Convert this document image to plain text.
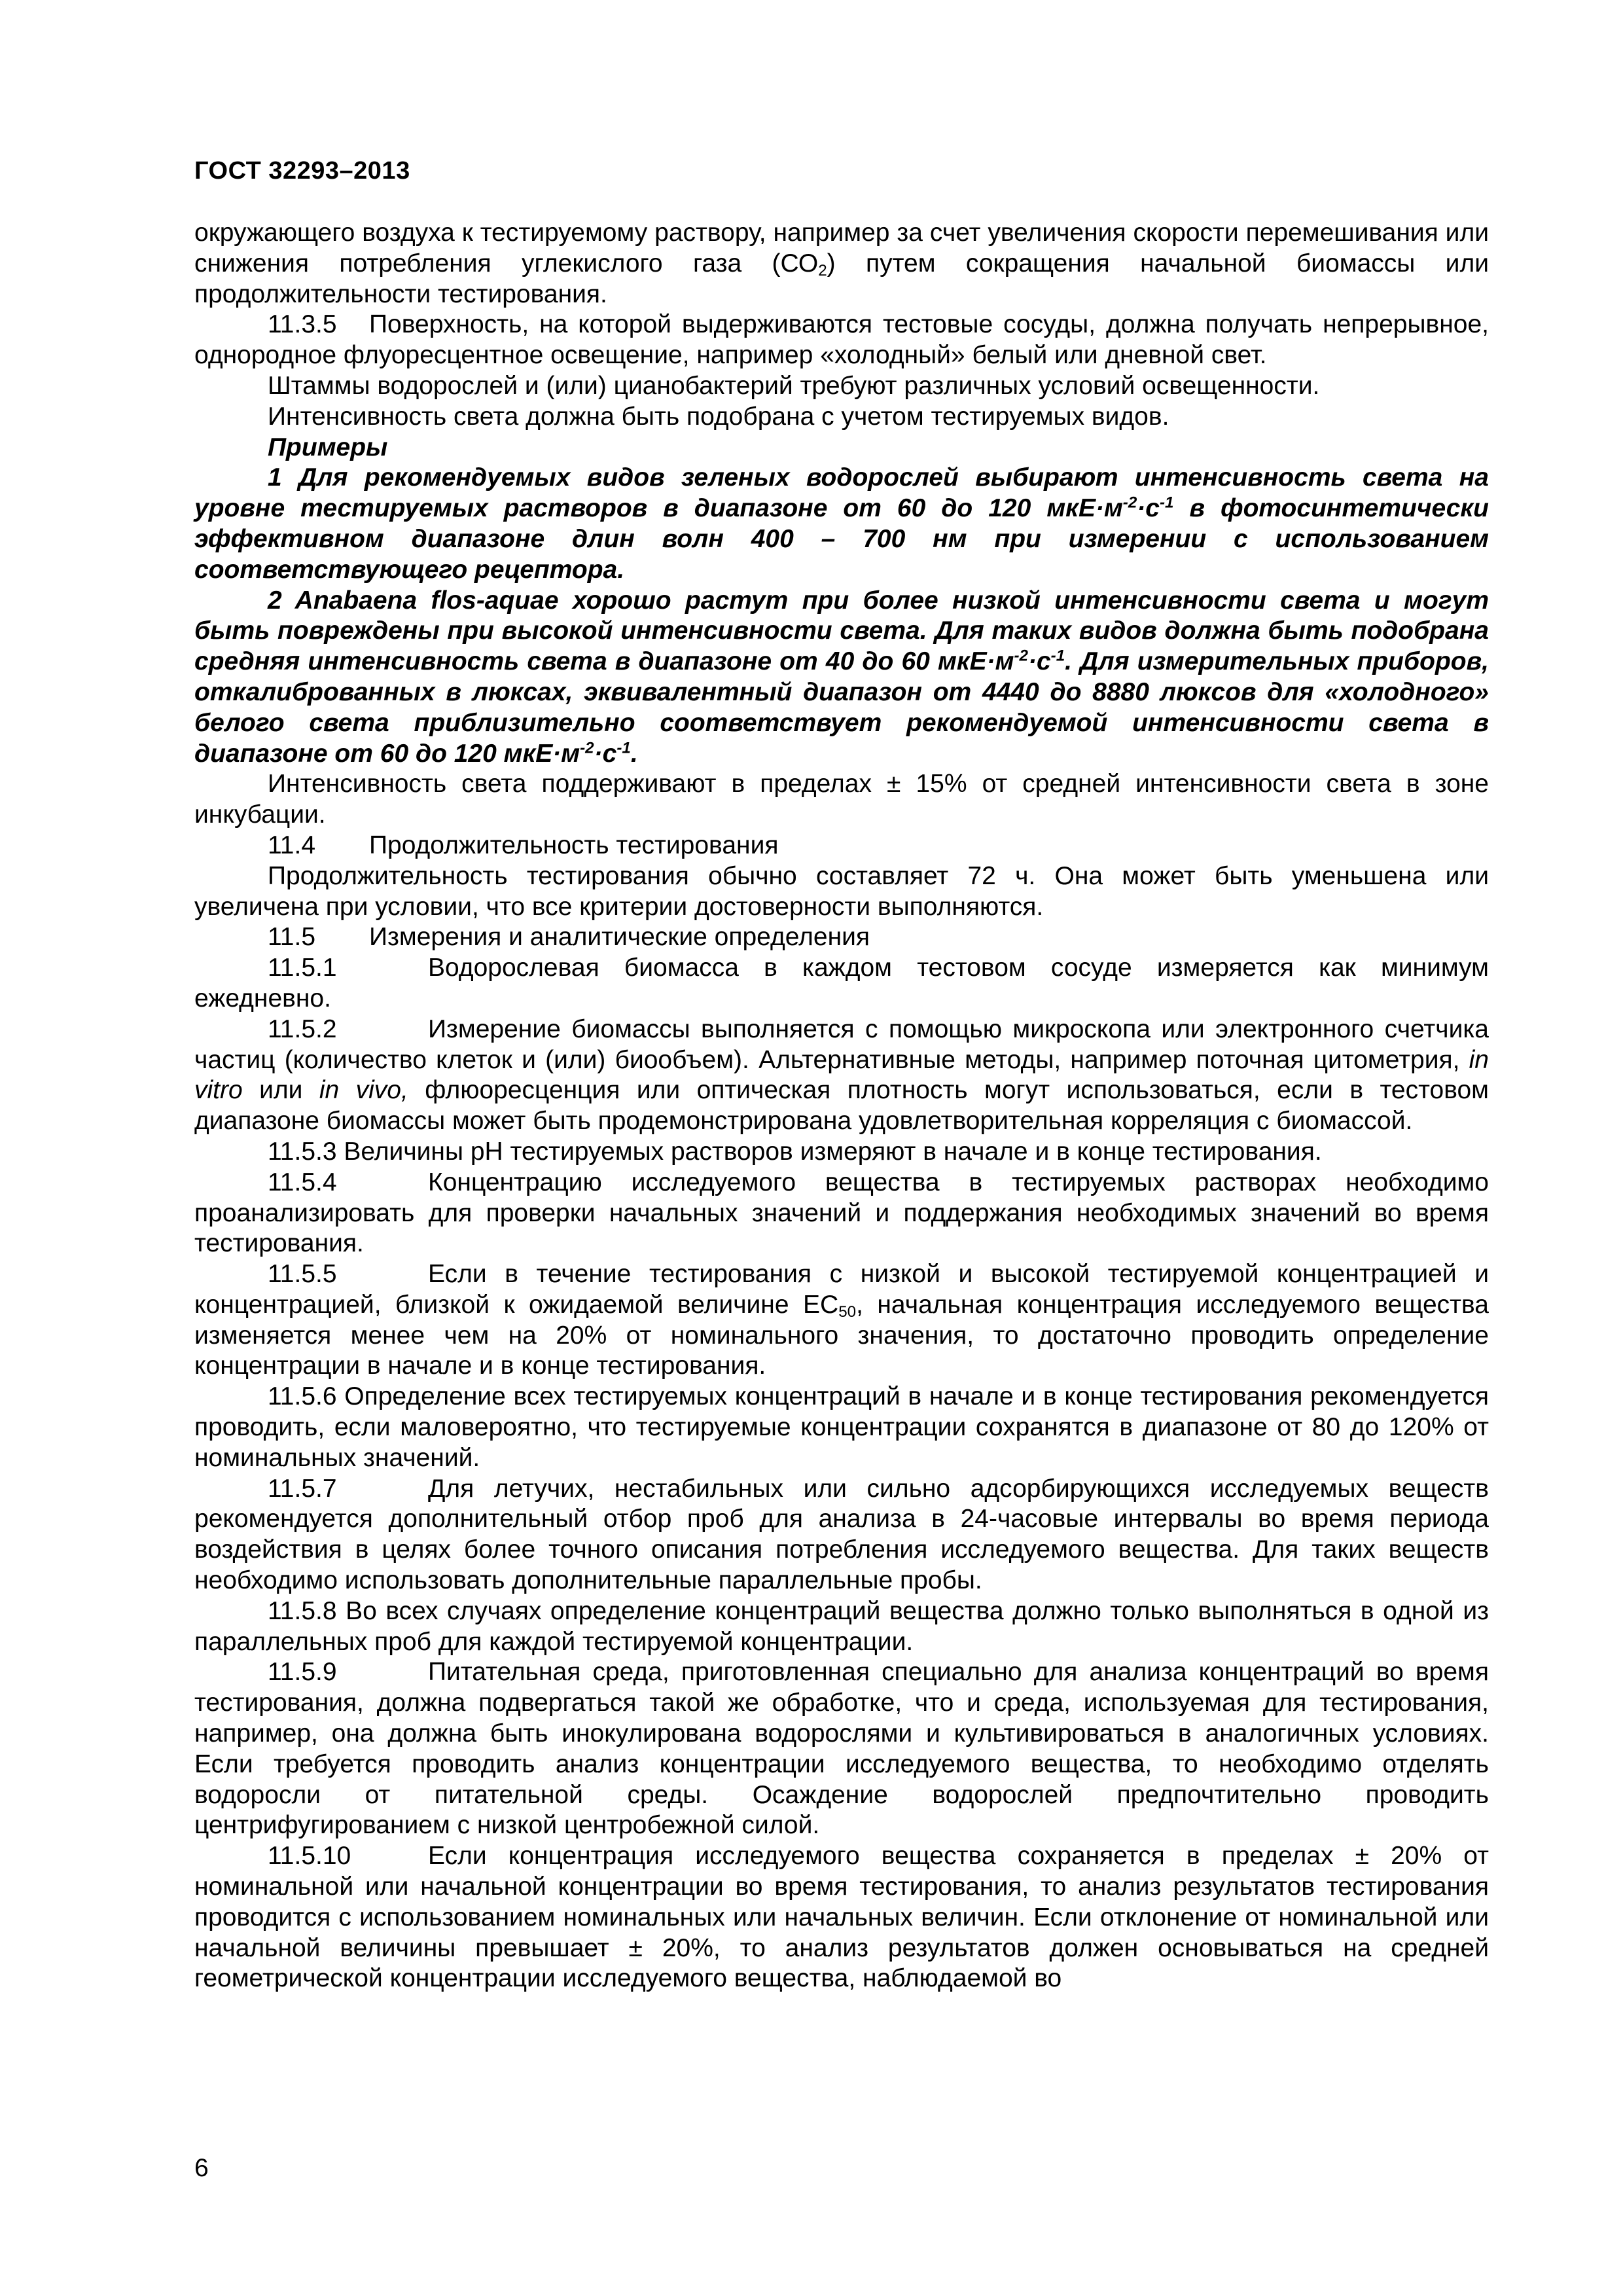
ГОСТ 32293–2013

окружающего воздуха к тестируемому раствору, например за счет увеличения скорости перемешивания или снижения потребления углекислого газа $(СО_2)$ путем сокращения начальной биомассы или продолжительности тестирования.

11.3.5 Поверхность, на которой выдерживаются тестовые сосуды, должна получать непрерывное, однородное флуоресцентное освещение, например «холодный» белый или дневной свет.

Штаммы водорослей и (или) цианобактерий требуют различных условий освещенности.

Интенсивность света должна быть подобрана с учетом тестируемых видов.

Примеры

1 Для рекомендуемых видов зеленых водорослей выбирают интенсивность света на уровне тестируемых растворов в диапазоне от 60 до 120 $мкЕ\cdot м^{-2}\cdot с^{-1}$ в фотосинтетически эффективном диапазоне длин волн 400 – 700 нм при измерении с использованием соответствующего рецептора.

2 Anabaena flos-aquae хорошо растут при более низкой интенсивности света и могут быть повреждены при высокой интенсивности света. Для таких видов должна быть подобрана средняя интенсивность света в диапазоне от 40 до 60 $мкЕ\cdot м^{-2}\cdot с^{-1}$. Для измерительных приборов, откалиброванных в люксах, эквивалентный диапазон от 4440 до 8880 люксов для «холодного» белого света приблизительно соответствует рекомендуемой интенсивности света в диапазоне от 60 до 120 $мкЕ\cdot м^{-2}\cdot с^{-1}$.

Интенсивность света поддерживают в пределах ± 15% от средней интенсивности света в зоне инкубации.

11.4 Продолжительность тестирования

Продолжительность тестирования обычно составляет 72 ч. Она может быть уменьшена или увеличена при условии, что все критерии достоверности выполняются.

11.5 Измерения и аналитические определения

11.5.1	Водорослевая биомасса в каждом тестовом сосуде измеряется как минимум ежедневно.

11.5.2	Измерение биомассы выполняется с помощью микроскопа или электронного счетчика частиц (количество клеток и (или) биообъем). Альтернативные методы, например поточная цитометрия, in vitro или in vivo, флюоресценция или оптическая плотность могут использоваться, если в тестовом диапазоне биомассы может быть продемонстрирована удовлетворительная корреляция с биомассой.

11.5.3 Величины pH тестируемых растворов измеряют в начале и в конце тестирования.

11.5.4	Концентрацию исследуемого вещества в тестируемых растворах необходимо проанализировать для проверки начальных значений и поддержания необходимых значений во время тестирования.

11.5.5	Если в течение тестирования с низкой и высокой тестируемой концентрацией и концентрацией, близкой к ожидаемой величине $ЕС_{50}$, начальная концентрация исследуемого вещества изменяется менее чем на 20% от номинального значения, то достаточно проводить определение концентрации в начале и в конце тестирования.

11.5.6 Определение всех тестируемых концентраций в начале и в конце тестирования рекомендуется проводить, если маловероятно, что тестируемые концентрации сохранятся в диапазоне от 80 до 120% от номинальных значений.

11.5.7	Для летучих, нестабильных или сильно адсорбирующихся исследуемых веществ рекомендуется дополнительный отбор проб для анализа в 24-часовые интервалы во время периода воздействия в целях более точного описания потребления исследуемого вещества. Для таких веществ необходимо использовать дополнительные параллельные пробы.

11.5.8 Во всех случаях определение концентраций вещества должно только выполняться в одной из параллельных проб для каждой тестируемой концентрации.

11.5.9	Питательная среда, приготовленная специально для анализа концентраций во время тестирования, должна подвергаться такой же обработке, что и среда, используемая для тестирования, например, она должна быть инокулирована водорослями и культивироваться в аналогичных условиях. Если требуется проводить анализ концентрации исследуемого вещества, то необходимо отделять водоросли от питательной среды. Осаждение водорослей предпочтительно проводить центрифугированием с низкой центробежной силой.

11.5.10	Если концентрация исследуемого вещества сохраняется в пределах ± 20% от номинальной или начальной концентрации во время тестирования, то анализ результатов тестирования проводится с использованием номинальных или начальных величин. Если отклонение от номинальной или начальной величины превышает ± 20%, то анализ результатов должен основываться на средней геометрической концентрации исследуемого вещества, наблюдаемой во

6
